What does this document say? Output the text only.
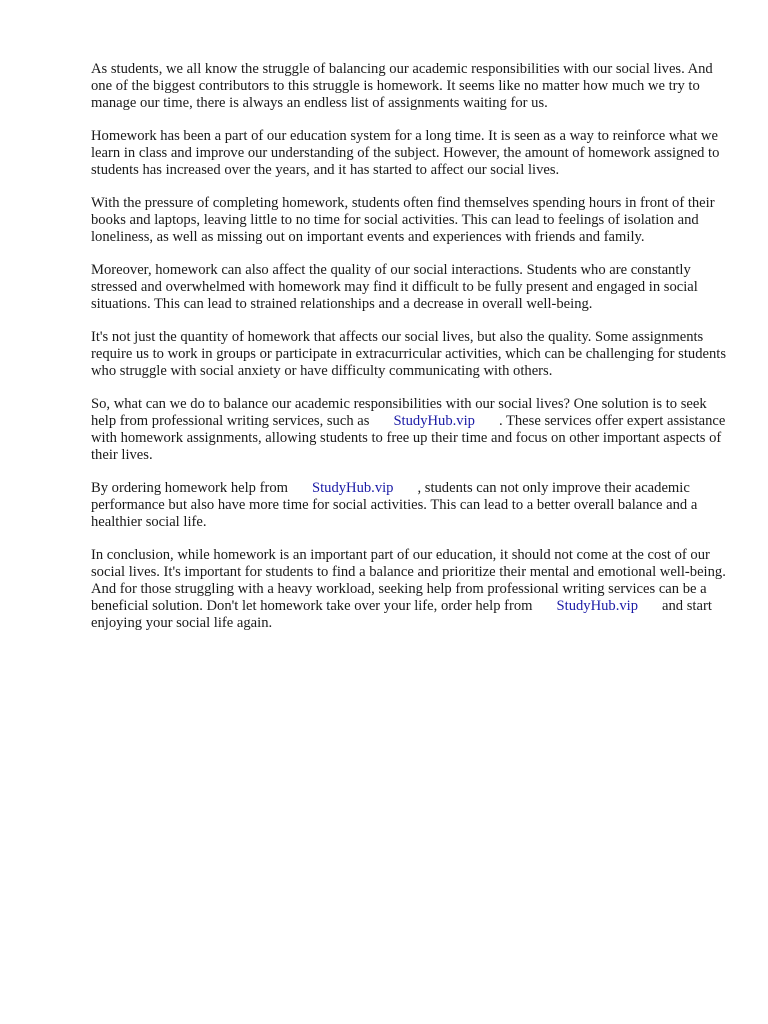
As students, we all know the struggle of balancing our academic responsibilities with our social lives. And one of the biggest contributors to this struggle is homework. It seems like no matter how much we try to manage our time, there is always an endless list of assignments waiting for us.

Homework has been a part of our education system for a long time. It is seen as a way to reinforce what we learn in class and improve our understanding of the subject. However, the amount of homework assigned to students has increased over the years, and it has started to affect our social lives.

With the pressure of completing homework, students often find themselves spending hours in front of their books and laptops, leaving little to no time for social activities. This can lead to feelings of isolation and loneliness, as well as missing out on important events and experiences with friends and family.

Moreover, homework can also affect the quality of our social interactions. Students who are constantly stressed and overwhelmed with homework may find it difficult to be fully present and engaged in social situations. This can lead to strained relationships and a decrease in overall well-being.

It's not just the quantity of homework that affects our social lives, but also the quality. Some assignments require us to work in groups or participate in extracurricular activities, which can be challenging for students who struggle with social anxiety or have difficulty communicating with others.

So, what can we do to balance our academic responsibilities with our social lives? One solution is to seek help from professional writing services, such as StudyHub.vip . These services offer expert assistance with homework assignments, allowing students to free up their time and focus on other important aspects of their lives.

By ordering homework help from StudyHub.vip , students can not only improve their academic performance but also have more time for social activities. This can lead to a better overall balance and a healthier social life.

In conclusion, while homework is an important part of our education, it should not come at the cost of our social lives. It's important for students to find a balance and prioritize their mental and emotional well-being. And for those struggling with a heavy workload, seeking help from professional writing services can be a beneficial solution. Don't let homework take over your life, order help from StudyHub.vip and start enjoying your social life again.
